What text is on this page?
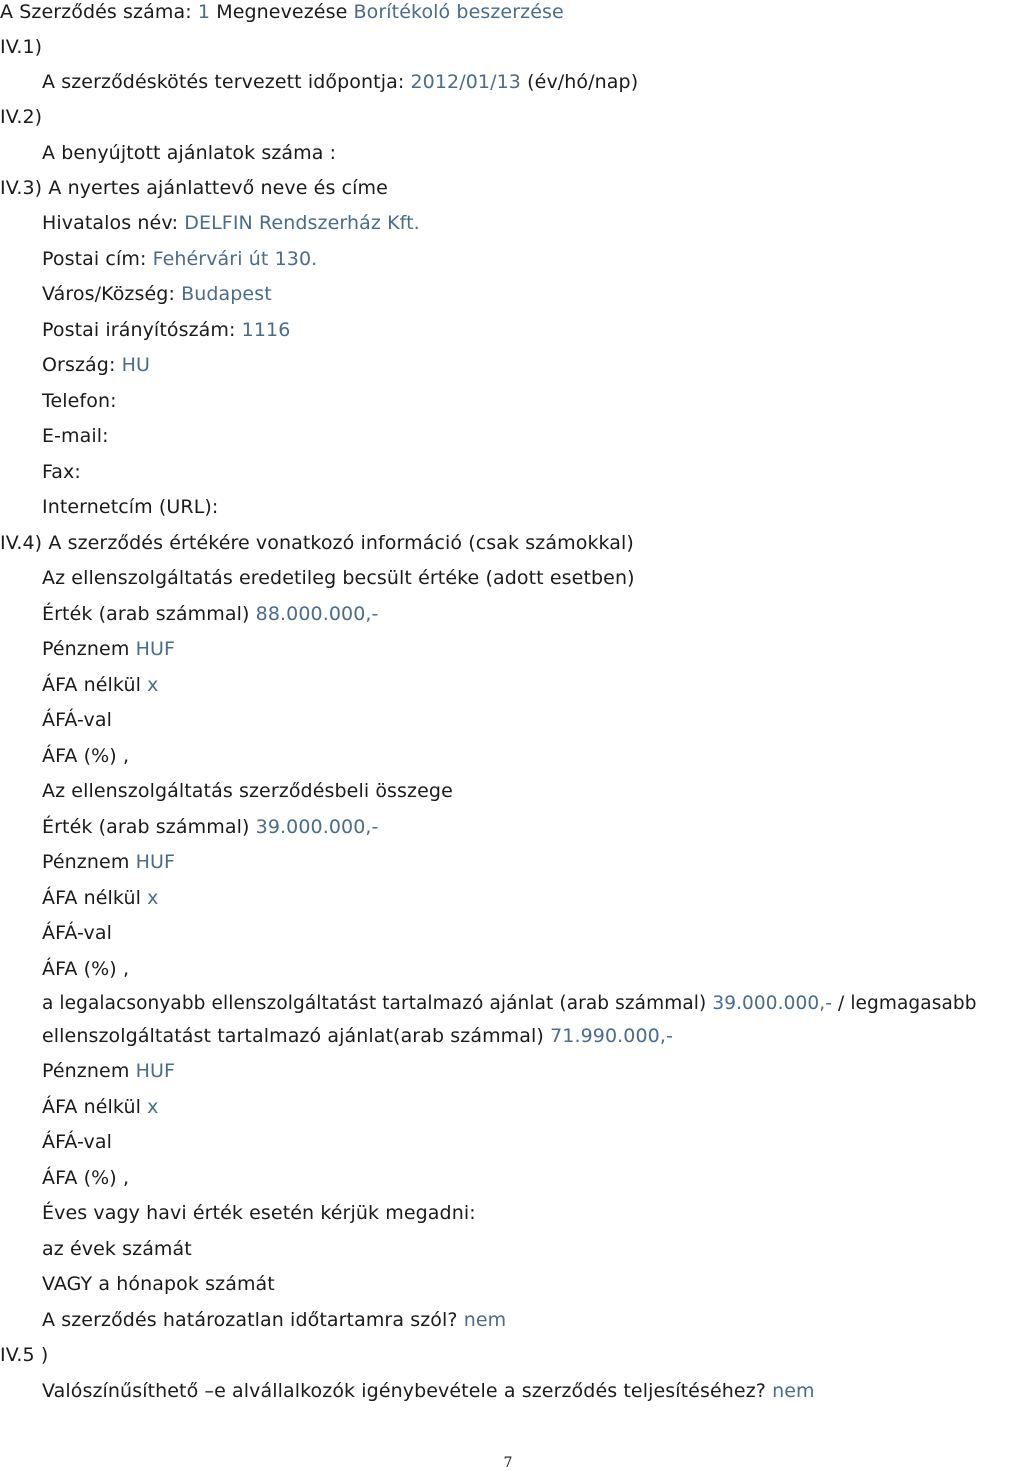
A Szerződés száma: 1 Megnevezése Borítékoló beszerzése
IV.1)
A szerződéskötés tervezett időpontja: 2012/01/13 (év/hó/nap)
IV.2)
A benyújtott ajánlatok száma :
IV.3) A nyertes ajánlattevő neve és címe
Hivatalos név: DELFIN Rendszerház Kft.
Postai cím: Fehérvári út 130.
Város/Község: Budapest
Postai irányítószám: 1116
Ország: HU
Telefon:
E-mail:
Fax:
Internetcím (URL):
IV.4) A szerződés értékére vonatkozó információ (csak számokkal)
Az ellenszolgáltatás eredetileg becsült értéke (adott esetben)
Érték (arab számmal) 88.000.000,-
Pénznem HUF
ÁFA nélkül x
ÁFÁ-val
ÁFA (%) ,
Az ellenszolgáltatás szerződésbeli összege
Érték (arab számmal) 39.000.000,-
Pénznem HUF
ÁFA nélkül x
ÁFÁ-val
ÁFA (%) ,
a legalacsonyabb ellenszolgáltatást tartalmazó ajánlat (arab számmal) 39.000.000,- / legmagasabb
ellenszolgáltatást tartalmazó ajánlat(arab számmal) 71.990.000,-
Pénznem HUF
ÁFA nélkül x
ÁFÁ-val
ÁFA (%) ,
Éves vagy havi érték esetén kérjük megadni:
az évek számát
VAGY a hónapok számát
A szerződés határozatlan időtartamra szól? nem
IV.5 )
Valószínűsíthető –e alvállalkozók igénybevétele a szerződés teljesítéséhez? nem
7
